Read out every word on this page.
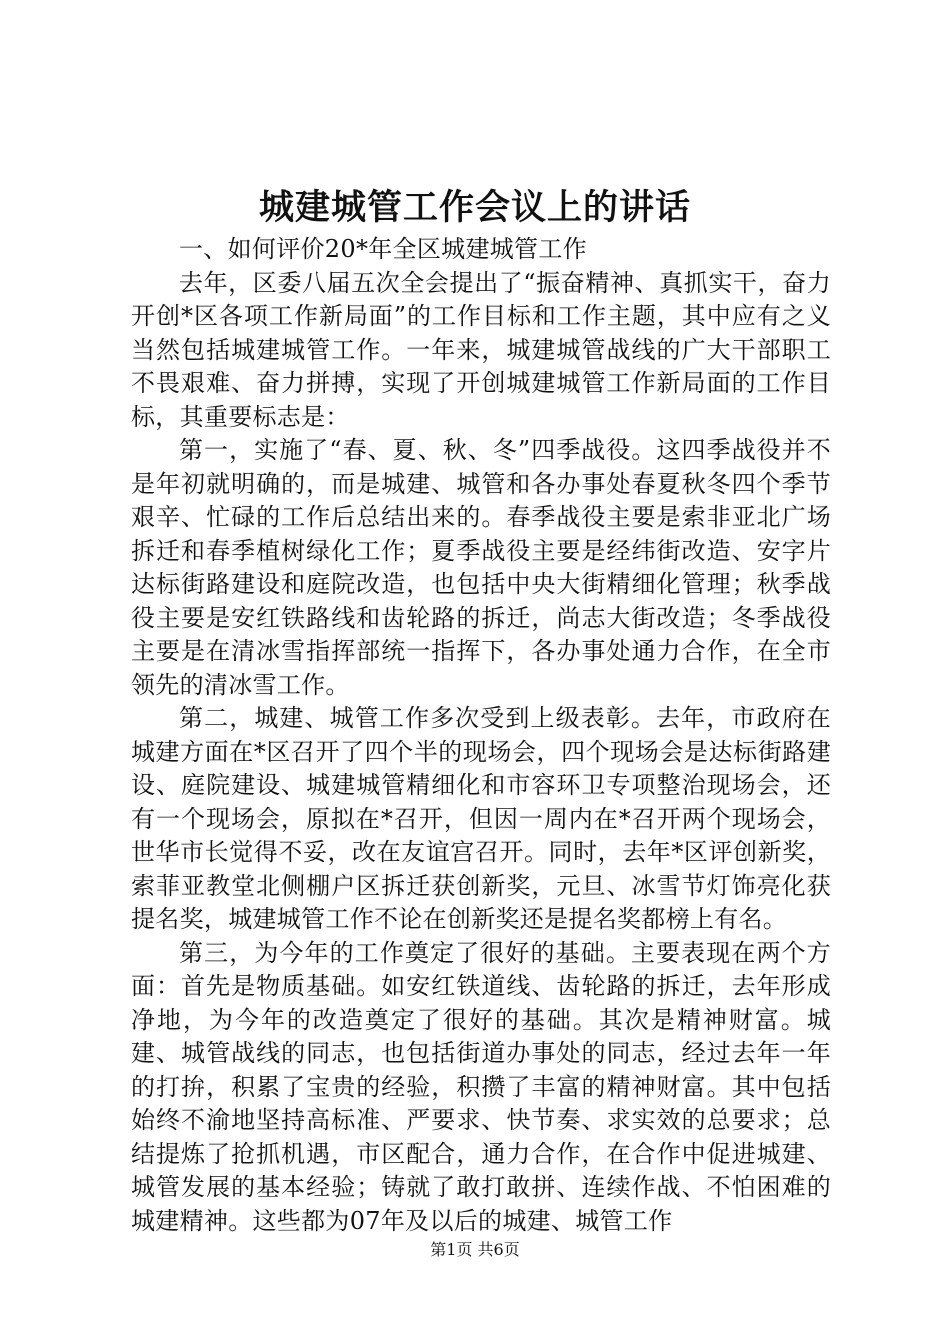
城建城管工作会议上的讲话

一、如何评价20*年全区城建城管工作

去年，区委八届五次全会提出了“振奋精神、真抓实干，奋力开创*区各项工作新局面”的工作目标和工作主题，其中应有之义当然包括城建城管工作。一年来，城建城管战线的广大干部职工不畏艰难、奋力拼搏，实现了开创城建城管工作新局面的工作目标，其重要标志是：

第一，实施了“春、夏、秋、冬”四季战役。这四季战役并不是年初就明确的，而是城建、城管和各办事处春夏秋冬四个季节艰辛、忙碌的工作后总结出来的。春季战役主要是索非亚北广场拆迁和春季植树绿化工作；夏季战役主要是经纬街改造、安字片达标街路建设和庭院改造，也包括中央大街精细化管理；秋季战役主要是安红铁路线和齿轮路的拆迁，尚志大街改造；冬季战役主要是在清冰雪指挥部统一指挥下，各办事处通力合作，在全市领先的清冰雪工作。

第二，城建、城管工作多次受到上级表彰。去年，市政府在城建方面在*区召开了四个半的现场会，四个现场会是达标街路建设、庭院建设、城建城管精细化和市容环卫专项整治现场会，还有一个现场会，原拟在*召开，但因一周内在*召开两个现场会，世华市长觉得不妥，改在友谊宫召开。同时，去年*区评创新奖，索菲亚教堂北侧棚户区拆迁获创新奖，元旦、冰雪节灯饰亮化获提名奖，城建城管工作不论在创新奖还是提名奖都榜上有名。

第三，为今年的工作奠定了很好的基础。主要表现在两个方面：首先是物质基础。如安红铁道线、齿轮路的拆迁，去年形成净地，为今年的改造奠定了很好的基础。其次是精神财富。城建、城管战线的同志，也包括街道办事处的同志，经过去年一年的打拚，积累了宝贵的经验，积攒了丰富的精神财富。其中包括始终不渝地坚持高标准、严要求、快节奏、求实效的总要求；总结提炼了抢抓机遇，市区配合，通力合作，在合作中促进城建、城管发展的基本经验；铸就了敢打敢拼、连续作战、不怕困难的城建精神。这些都为07年及以后的城建、城管工作

第1页 共6页
